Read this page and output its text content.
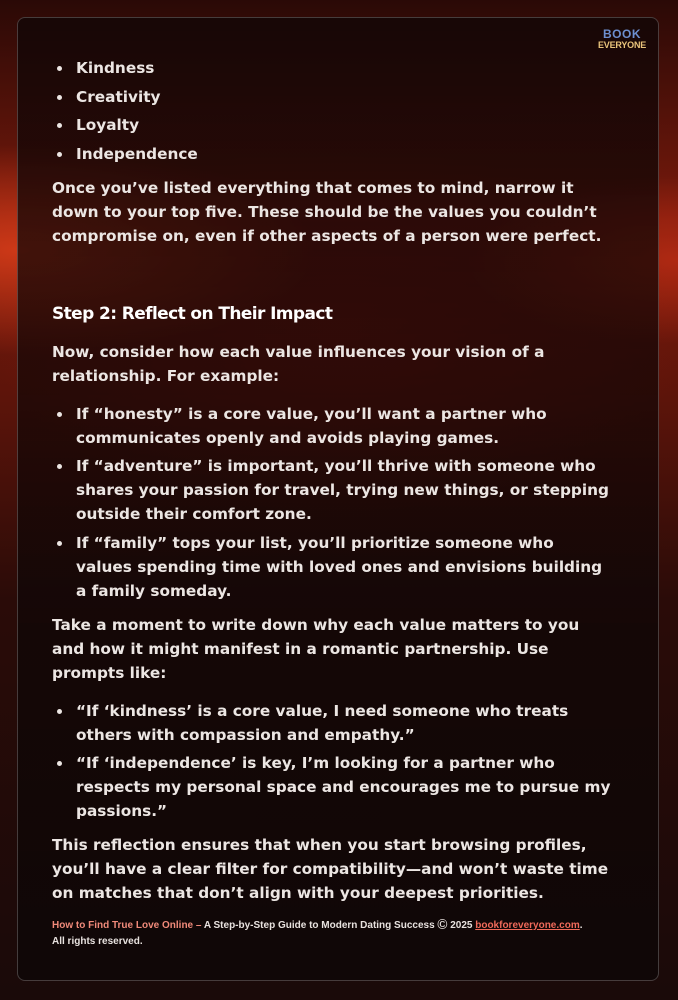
BOOK
EVERYONE
Kindness
Creativity
Loyalty
Independence

Once you’ve listed everything that comes to mind, narrow it down to your top five. These should be the values you couldn’t compromise on, even if other aspects of a person were perfect.

Step 2: Reflect on Their Impact

Now, consider how each value influences your vision of a relationship. For example:

If “honesty” is a core value, you’ll want a partner who communicates openly and avoids playing games.
If “adventure” is important, you’ll thrive with someone who shares your passion for travel, trying new things, or stepping outside their comfort zone.
If “family” tops your list, you’ll prioritize someone who values spending time with loved ones and envisions building a family someday.

Take a moment to write down why each value matters to you and how it might manifest in a romantic partnership. Use prompts like:

“If ‘kindness’ is a core value, I need someone who treats others with compassion and empathy.”
“If ‘independence’ is key, I’m looking for a partner who respects my personal space and encourages me to pursue my passions.”

This reflection ensures that when you start browsing profiles, you’ll have a clear filter for compatibility—and won’t waste time on matches that don’t align with your deepest priorities.

How to Find True Love Online – A Step-by-Step Guide to Modern Dating Success Ⓒ 2025 bookforeveryone.com.
All rights reserved.
